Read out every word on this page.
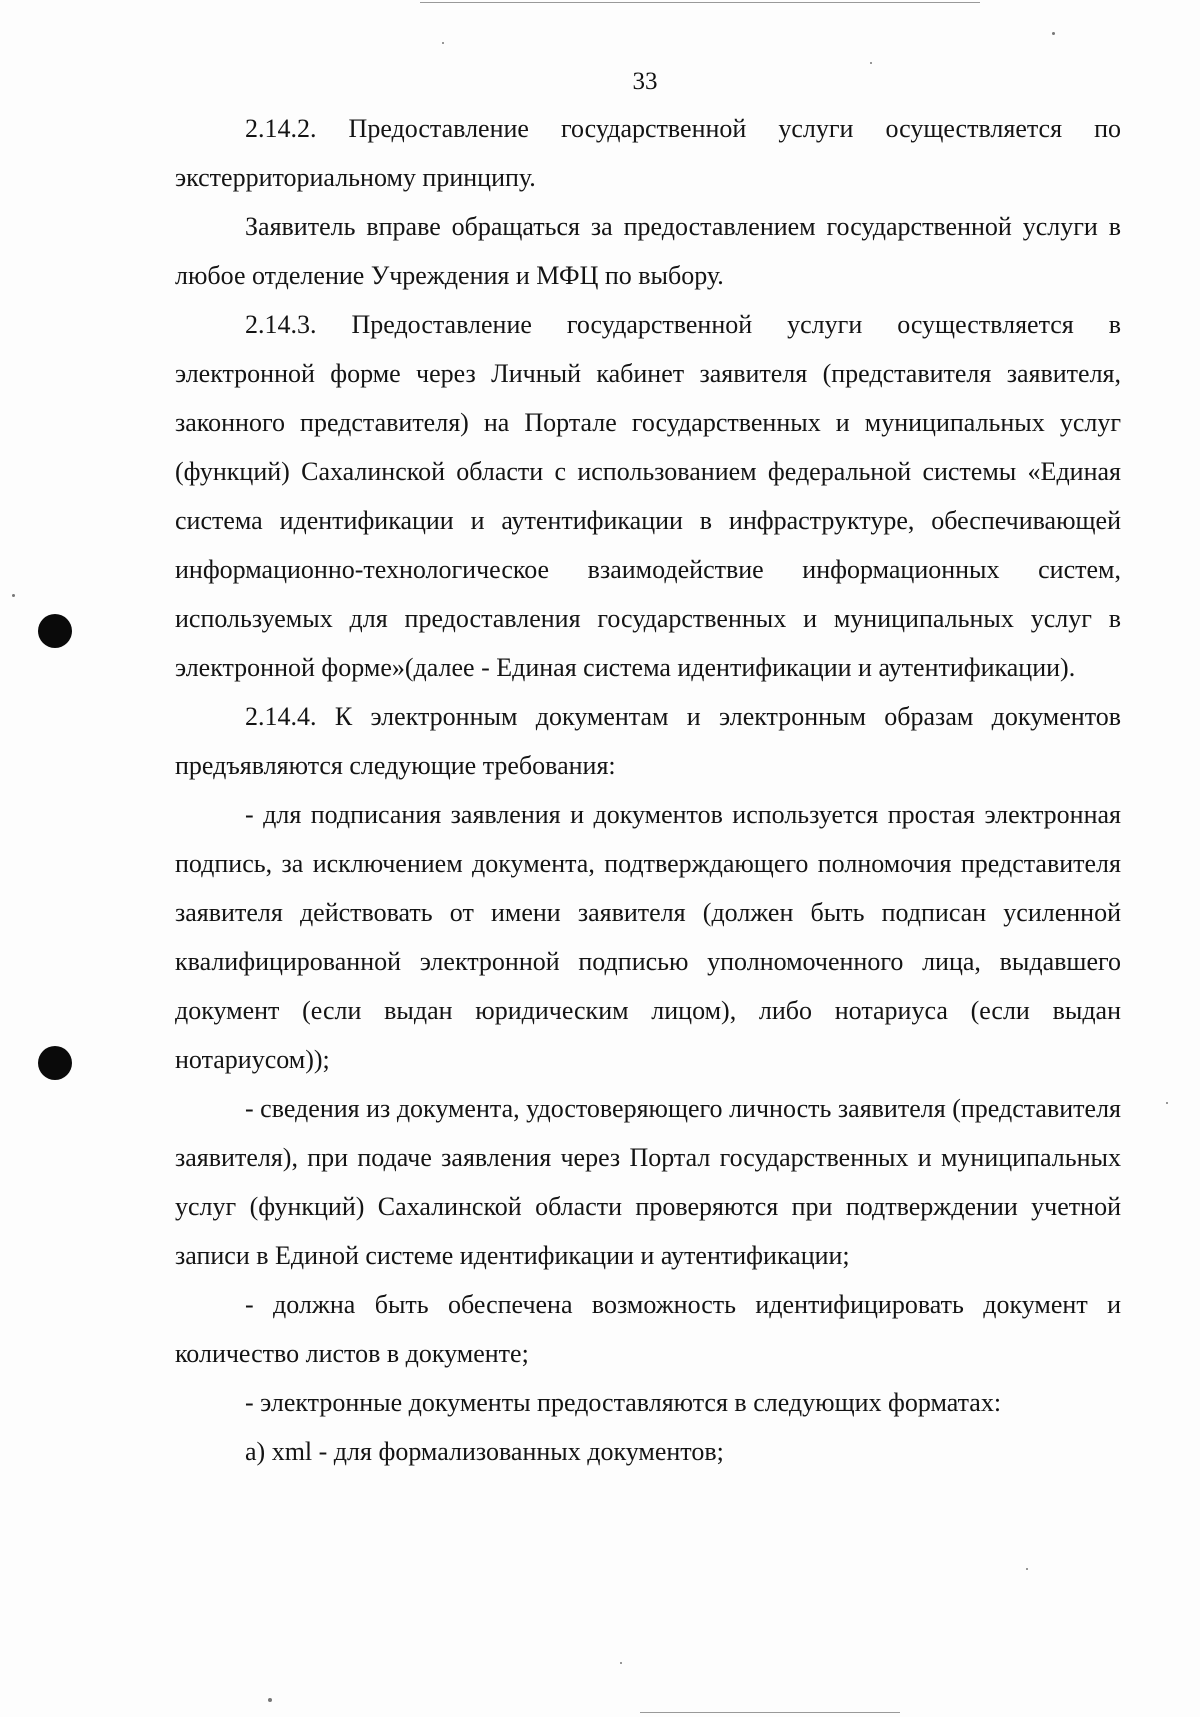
33

2.14.2. Предоставление государственной услуги осуществляется по экстерриториальному принципу.

Заявитель вправе обращаться за предоставлением государственной услуги в любое отделение Учреждения и МФЦ по выбору.

2.14.3. Предоставление государственной услуги осуществляется в электронной форме через Личный кабинет заявителя (представителя заявителя, законного представителя) на Портале государственных и муниципальных услуг (функций) Сахалинской области с использованием федеральной системы «Единая система идентификации и аутентификации в инфраструктуре, обеспечивающей информационно-технологическое взаимодействие информационных систем, используемых для предоставления государственных и муниципальных услуг в электронной форме»(далее - Единая система идентификации и аутентификации).

2.14.4. К электронным документам и электронным образам документов предъявляются следующие требования:

- для подписания заявления и документов используется простая электронная подпись, за исключением документа, подтверждающего полномочия представителя заявителя действовать от имени заявителя (должен быть подписан усиленной квалифицированной электронной подписью уполномоченного лица, выдавшего документ (если выдан юридическим лицом), либо нотариуса (если выдан нотариусом));

- сведения из документа, удостоверяющего личность заявителя (представителя заявителя), при подаче заявления через Портал государственных и муниципальных услуг (функций) Сахалинской области проверяются при подтверждении учетной записи в Единой системе идентификации и аутентификации;

- должна быть обеспечена возможность идентифицировать документ и количество листов в документе;

- электронные документы предоставляются в следующих форматах:

а) xml - для формализованных документов;
